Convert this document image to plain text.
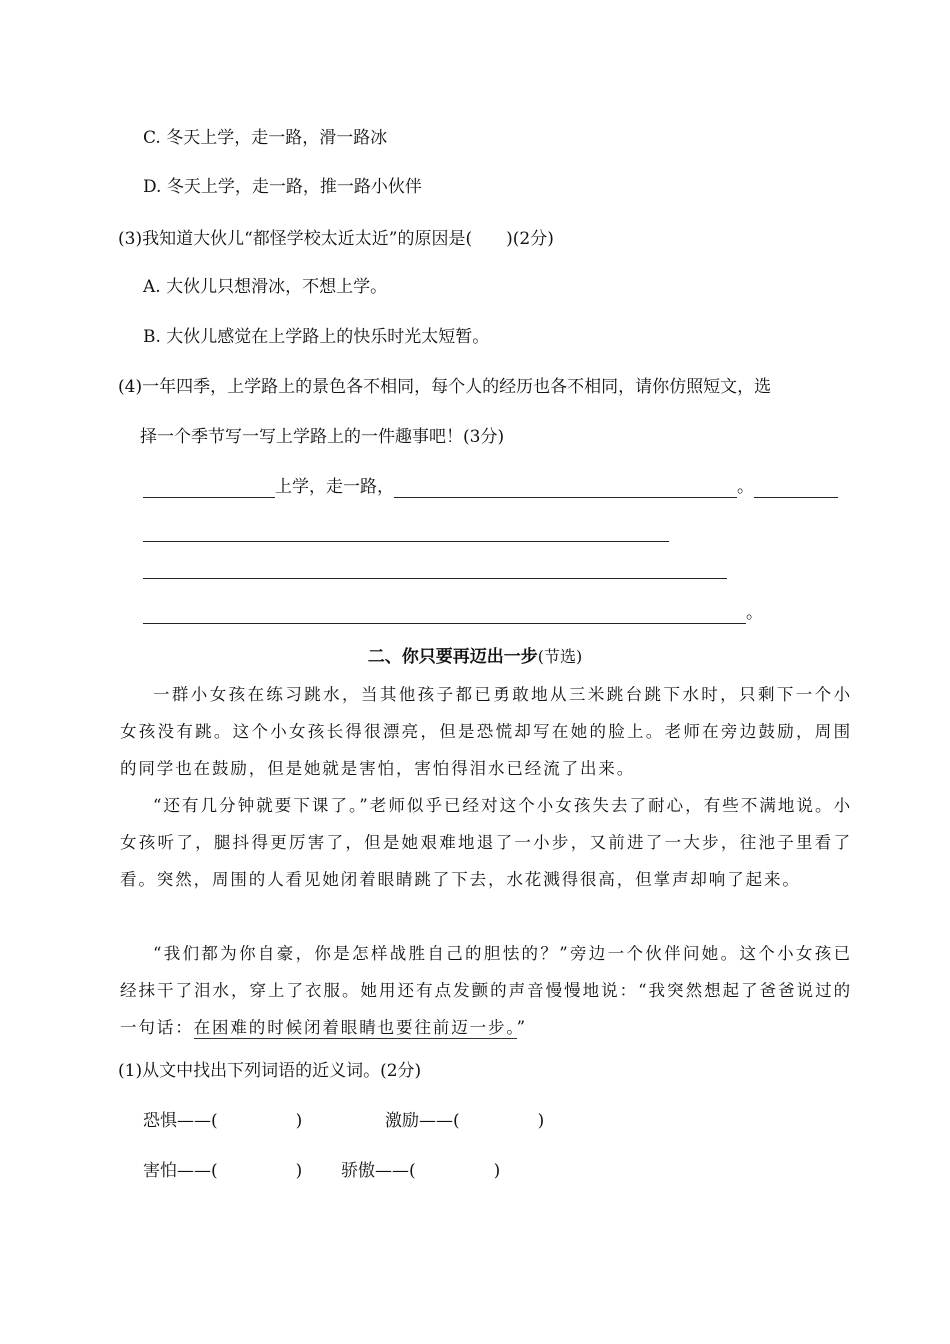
C. 冬天上学，走一路，滑一路冰
D. 冬天上学，走一路，推一路小伙伴
(3)我知道大伙儿“都怪学校太近太近”的原因是( )(2分)
A. 大伙儿只想滑冰，不想上学。
B. 大伙儿感觉在上学路上的快乐时光太短暂。
(4)一年四季，上学路上的景色各不相同，每个人的经历也各不相同，请你仿照短文，选
择一个季节写一写上学路上的一件趣事吧！(3分)
上学，走一路，	。
。
二、你只要再迈出一步(节选)
一群小女孩在练习跳水，当其他孩子都已勇敢地从三米跳台跳下水时，只剩下一个小女孩没有跳。这个小女孩长得很漂亮，但是恐慌却写在她的脸上。老师在旁边鼓励，周围的同学也在鼓励，但是她就是害怕，害怕得泪水已经流了出来。
“还有几分钟就要下课了。”老师似乎已经对这个小女孩失去了耐心，有些不满地说。小女孩听了，腿抖得更厉害了，但是她艰难地退了一小步，又前进了一大步，往池子里看了看。突然，周围的人看见她闭着眼睛跳了下去，水花溅得很高，但掌声却响了起来。
“我们都为你自豪，你是怎样战胜自己的胆怯的？”旁边一个伙伴问她。这个小女孩已经抹干了泪水，穿上了衣服。她用还有点发颤的声音慢慢地说：“我突然想起了爸爸说过的一句话：在困难的时候闭着眼睛也要往前迈一步。”
(1)从文中找出下列词语的近义词。(2分)
恐惧——(	)	激励——(	)
害怕——(	) 骄傲——(	)
